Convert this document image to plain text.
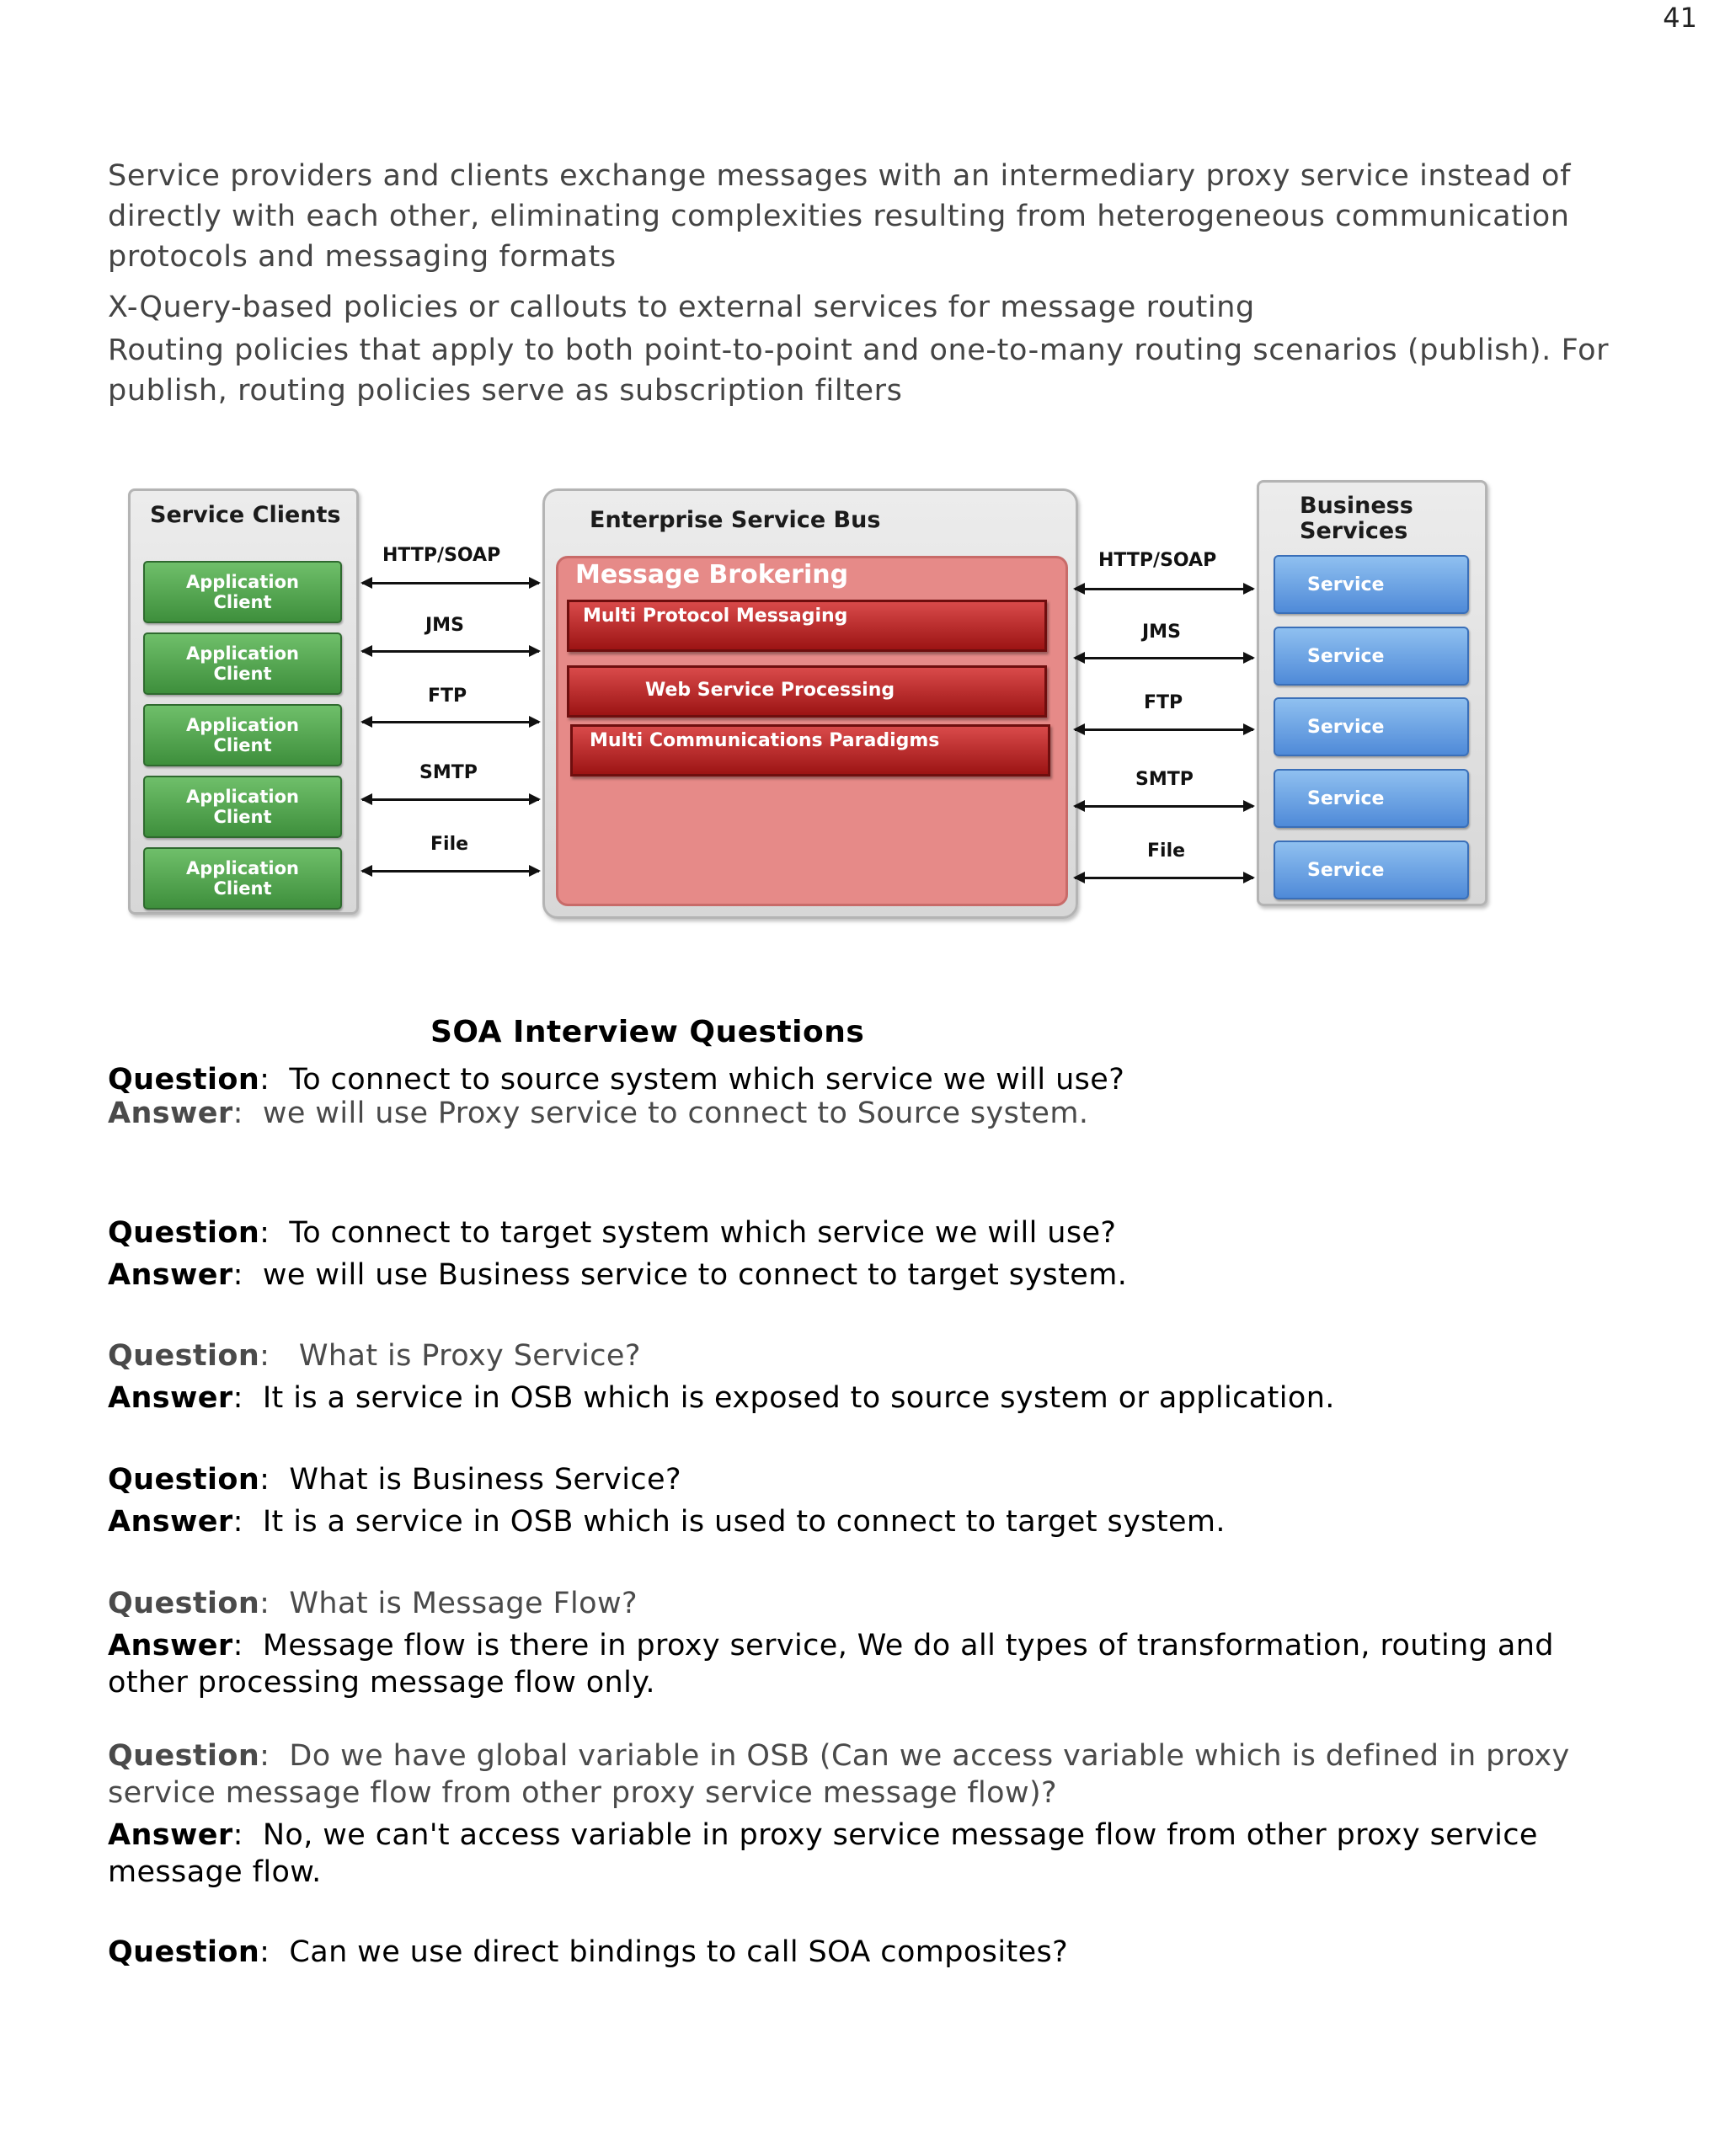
41

Service providers and clients exchange messages with an intermediary proxy service instead of directly with each other, eliminating complexities resulting from heterogeneous communication protocols and messaging formats

X-Query-based policies or callouts to external services for message routing

Routing policies that apply to both point-to-point and one-to-many routing scenarios (publish). For publish, routing policies serve as subscription filters

Service Clients
Application
Client
Application
Client
Application
Client
Application
Client
Application
Client
HTTP/SOAP
JMS
FTP
SMTP
File
Enterprise Service Bus
Message Brokering
Multi Protocol Messaging
Web Service Processing
Multi Communications Paradigms
HTTP/SOAP
JMS
FTP
SMTP
File
Business
Services
Service
Service
Service
Service
Service
SOA Interview Questions
Question:  To connect to source system which service we will use?
Answer:  we will use Proxy service to connect to Source system.
Question:  To connect to target system which service we will use?
Answer:  we will use Business service to connect to target system.
Question:   What is Proxy Service?
Answer:  It is a service in OSB which is exposed to source system or application.
Question:  What is Business Service?
Answer:  It is a service in OSB which is used to connect to target system.
Question:  What is Message Flow?
Answer:  Message flow is there in proxy service, We do all types of transformation, routing and other processing message flow only.
Question:  Do we have global variable in OSB (Can we access variable which is defined in proxy service message flow from other proxy service message flow)?
Answer:  No, we can't access variable in proxy service message flow from other proxy service message flow.
Question:  Can we use direct bindings to call SOA composites?
